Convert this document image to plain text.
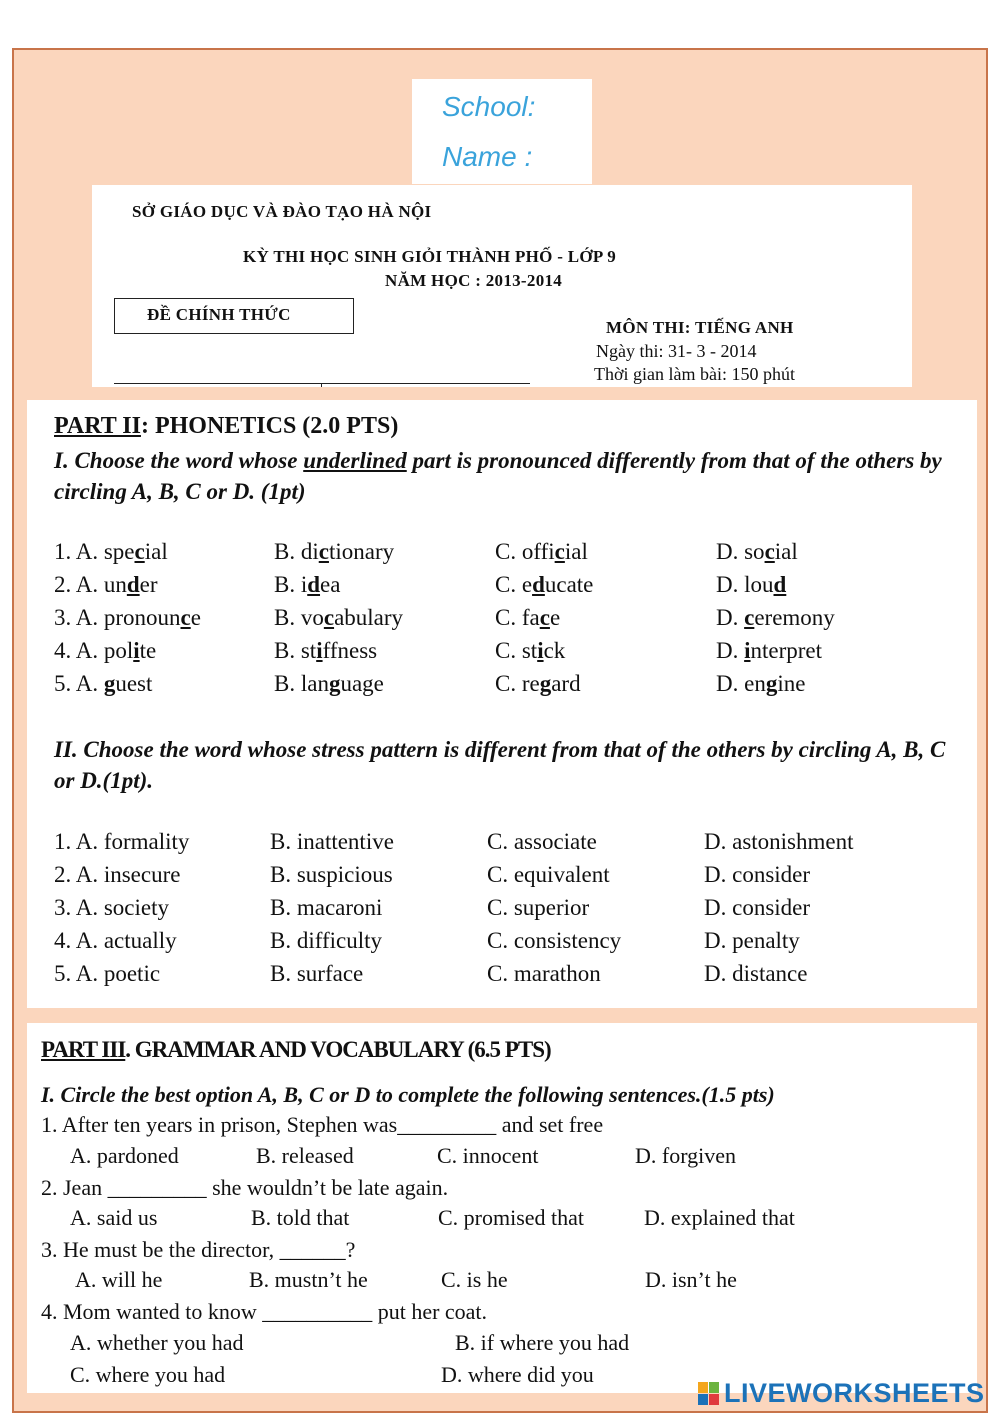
School:
Name :
SỞ GIÁO DỤC VÀ ĐÀO TẠO HÀ NỘI
KỲ THI HỌC SINH GIỎI THÀNH PHỐ - LỚP 9
NĂM HỌC : 2013-2014
ĐỀ CHÍNH THỨC
MÔN THI: TIẾNG ANH
Ngày thi: 31- 3 - 2014
Thời gian làm bài: 150 phút
PART II: PHONETICS (2.0 PTS)
I. Choose the word whose underlined part is pronounced differently from that of the others by circling A, B, C or D. (1pt)
1. A. special	B. dictionary	C. official	D. social
2. A. under	B. idea	C. educate	D. loud
3. A. pronounce	B. vocabulary	C. face	D. ceremony
4. A. polite	B. stiffness	C. stick	D. interpret
5. A. guest	B. language	C. regard	D. engine
II. Choose the word whose stress pattern is different from that of the others by circling A, B, C or D.(1pt).
1. A. formality	B. inattentive	C. associate	D. astonishment
2. A. insecure	B. suspicious	C. equivalent	D. consider
3. A. society	B. macaroni	C. superior	D. consider
4. A. actually	B. difficulty	C. consistency	D. penalty
5. A. poetic	B. surface	C. marathon	D. distance
PART III. GRAMMAR AND VOCABULARY (6.5 PTS)
I. Circle the best option A, B, C or D to complete the following sentences.(1.5 pts)
1. After ten years in prison, Stephen was_________ and set free
A. pardoned	B. released	C. innocent	D. forgiven
2. Jean _________ she wouldn’t be late again.
A. said us	B. told that	C. promised that	D. explained that
3. He must be the director, ______?
A. will he	B. mustn’t he	C. is he	D. isn’t he
4. Mom wanted to know __________ put her coat.
A. whether you had	B. if where you had
C. where you had	D. where did you
LIVEWORKSHEETS
